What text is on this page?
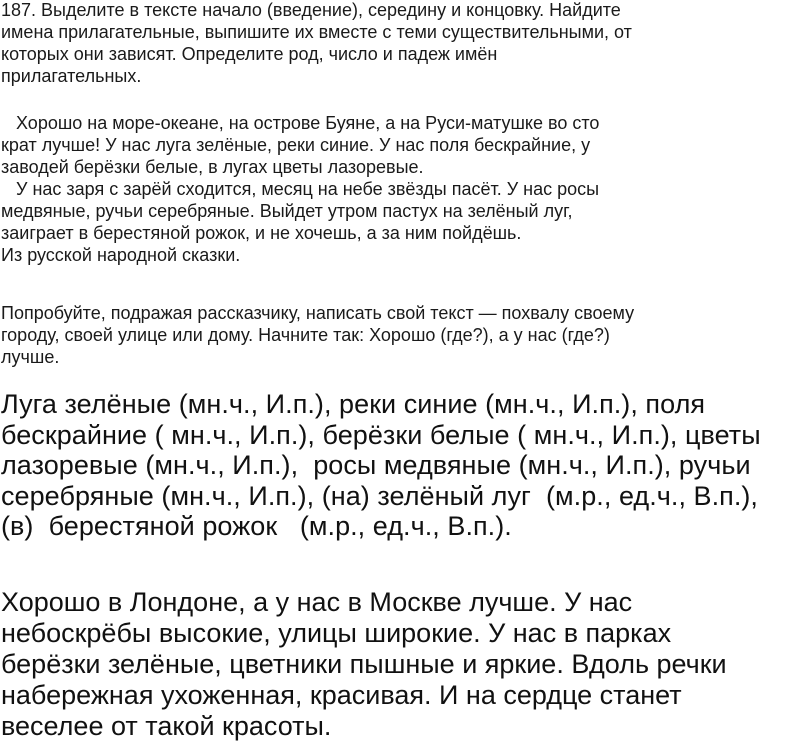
187. Выделите в тексте начало (введение), середину и концовку. Найдите
имена прилагательные, выпишите их вместе с теми существительными, от
которых они зависят. Определите род, число и падеж имён
прилагательных.
Хорошо на море-океане, на острове Буяне, а на Руси-матушке во сто
крат лучше! У нас луга зелёные, реки синие. У нас поля бескрайние, у
заводей берёзки белые, в лугах цветы лазоревые.
У нас заря с зарёй сходится, месяц на небе звёзды пасёт. У нас росы
медвяные, ручьи серебряные. Выйдет утром пастух на зелёный луг,
заиграет в берестяной рожок, и не хочешь, а за ним пойдёшь.
Из русской народной сказки.
Попробуйте, подражая рассказчику, написать свой текст — похвалу своему
городу, своей улице или дому. Начните так: Хорошо (где?), а у нас (где?)
лучше.
Луга зелёные (мн.ч., И.п.), реки синие (мн.ч., И.п.), поля
бескрайние ( мн.ч., И.п.), берёзки белые ( мн.ч., И.п.), цветы
лазоревые (мн.ч., И.п.),  росы медвяные (мн.ч., И.п.), ручьи
серебряные (мн.ч., И.п.), (на) зелёный луг  (м.р., ед.ч., В.п.),
(в)  берестяной рожок   (м.р., ед.ч., В.п.).
Хорошо в Лондоне, а у нас в Москве лучше. У нас
небоскрёбы высокие, улицы широкие. У нас в парках
берёзки зелёные, цветники пышные и яркие. Вдоль речки
набережная ухоженная, красивая. И на сердце станет
веселее от такой красоты.
